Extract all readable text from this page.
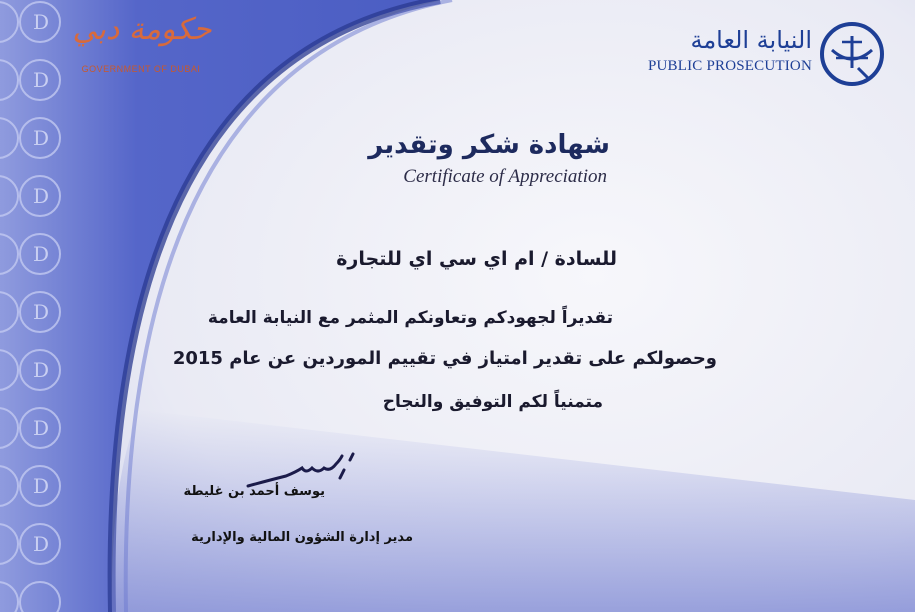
D
D
D
D
D
D
D
D
D
D
حكومة دبي
GOVERNMENT OF DUBAI
النيابة العامة
PUBLIC PROSECUTION
شهادة شكر وتقدير
Certificate of Appreciation
للسادة / ام اي سي اي للتجارة
تقديراً لجهودكم وتعاونكم المثمر مع النيابة العامة
وحصولكم على تقدير امتياز في تقييم الموردين عن عام 2015
متمنياً لكم التوفيق والنجاح
يوسف أحمد بن غليطة
مدير إدارة الشؤون المالية والإدارية
